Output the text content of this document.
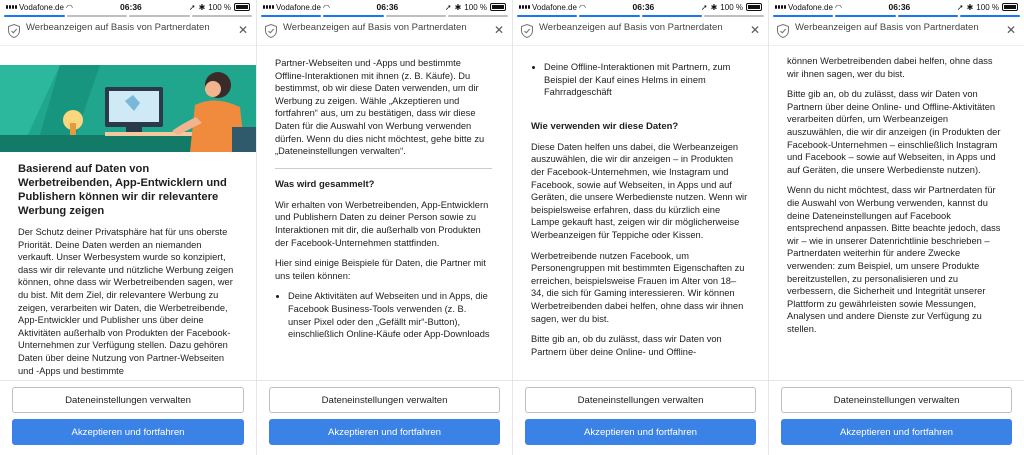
Vodafone.de ◠	06:36	➚ ✱ 100 %
Werbeanzeigen auf Basis von Partnerdaten	✕
Basierend auf Daten von Werbetreibenden, App-Entwicklern und Publishern können wir dir relevantere Werbung zeigen

Der Schutz deiner Privatsphäre hat für uns oberste Priorität. Deine Daten werden an niemanden verkauft. Unser Werbesystem wurde so konzipiert, dass wir dir relevante und nützliche Werbung zeigen können, ohne dass wir Werbetreibenden sagen, wer du bist. Mit dem Ziel, dir relevantere Werbung zu zeigen, verarbeiten wir Daten, die Werbetreibende, App-Entwickler und Publisher uns über deine Aktivitäten außerhalb von Produkten der Facebook-Unternehmen zur Verfügung stellen. Dazu gehören Daten über deine Nutzung von Partner-Webseiten und -Apps und bestimmte

Dateneinstellungen verwalten
Akzeptieren und fortfahren
Vodafone.de ◠	06:36	➚ ✱ 100 %
Werbeanzeigen auf Basis von Partnerdaten	✕

Partner-Webseiten und -Apps und bestimmte Offline-Interaktionen mit ihnen (z. B. Käufe). Du bestimmst, ob wir diese Daten verwenden, um dir Werbung zu zeigen. Wähle „Akzeptieren und fortfahren“ aus, um zu bestätigen, dass wir diese Daten für die Auswahl von Werbung verwenden dürfen. Wenn du dies nicht möchtest, gehe bitte zu „Dateneinstellungen verwalten“.

Was wird gesammelt?

Wir erhalten von Werbetreibenden, App-Entwicklern und Publishern Daten zu deiner Person sowie zu Interaktionen mit dir, die außerhalb von Produkten der Facebook-Unternehmen stattfinden.

Hier sind einige Beispiele für Daten, die Partner mit uns teilen können:

• Deine Aktivitäten auf Webseiten und in Apps, die Facebook Business-Tools verwenden (z. B. unser Pixel oder den „Gefällt mir“-Button), einschließlich Online-Käufe oder App-Downloads
Dateneinstellungen verwalten
Akzeptieren und fortfahren
Vodafone.de ◠	06:36	➚ ✱ 100 %
Werbeanzeigen auf Basis von Partnerdaten	✕
• Deine Offline-Interaktionen mit Partnern, zum Beispiel der Kauf eines Helms in einem Fahrradgeschäft
Wie verwenden wir diese Daten?

Diese Daten helfen uns dabei, die Werbeanzeigen auszuwählen, die wir dir anzeigen – in Produkten der Facebook-Unternehmen, wie Instagram und Facebook, sowie auf Webseiten, in Apps und auf Geräten, die unsere Werbedienste nutzen. Wenn wir beispielsweise erfahren, dass du kürzlich eine Lampe gekauft hast, zeigen wir dir möglicherweise Werbeanzeigen für Teppiche oder Kissen.

Werbetreibende nutzen Facebook, um Personengruppen mit bestimmten Eigenschaften zu erreichen, beispielsweise Frauen im Alter von 18–34, die sich für Gaming interessieren. Wir können Werbetreibenden dabei helfen, ohne dass wir ihnen sagen, wer du bist.

Bitte gib an, ob du zulässt, dass wir Daten von Partnern über deine Online- und Offline-

Dateneinstellungen verwalten
Akzeptieren und fortfahren
Vodafone.de ◠	06:36	➚ ✱ 100 %
Werbeanzeigen auf Basis von Partnerdaten	✕

können Werbetreibenden dabei helfen, ohne dass wir ihnen sagen, wer du bist.

Bitte gib an, ob du zulässt, dass wir Daten von Partnern über deine Online- und Offline-Aktivitäten verarbeiten dürfen, um Werbeanzeigen auszuwählen, die wir dir anzeigen (in Produkten der Facebook-Unternehmen – einschließlich Instagram und Facebook – sowie auf Webseiten, in Apps und auf Geräten, die unsere Werbedienste nutzen).

Wenn du nicht möchtest, dass wir Partnerdaten für die Auswahl von Werbung verwenden, kannst du deine Dateneinstellungen auf Facebook entsprechend anpassen. Bitte beachte jedoch, dass wir – wie in unserer Datenrichtlinie beschrieben – Partnerdaten weiterhin für andere Zwecke verwenden: zum Beispiel, um unsere Produkte bereitzustellen, zu personalisieren und zu verbessern, die Sicherheit und Integrität unserer Plattform zu gewährleisten sowie Messungen, Analysen und andere Dienste zur Verfügung zu stellen.

Dateneinstellungen verwalten
Akzeptieren und fortfahren
